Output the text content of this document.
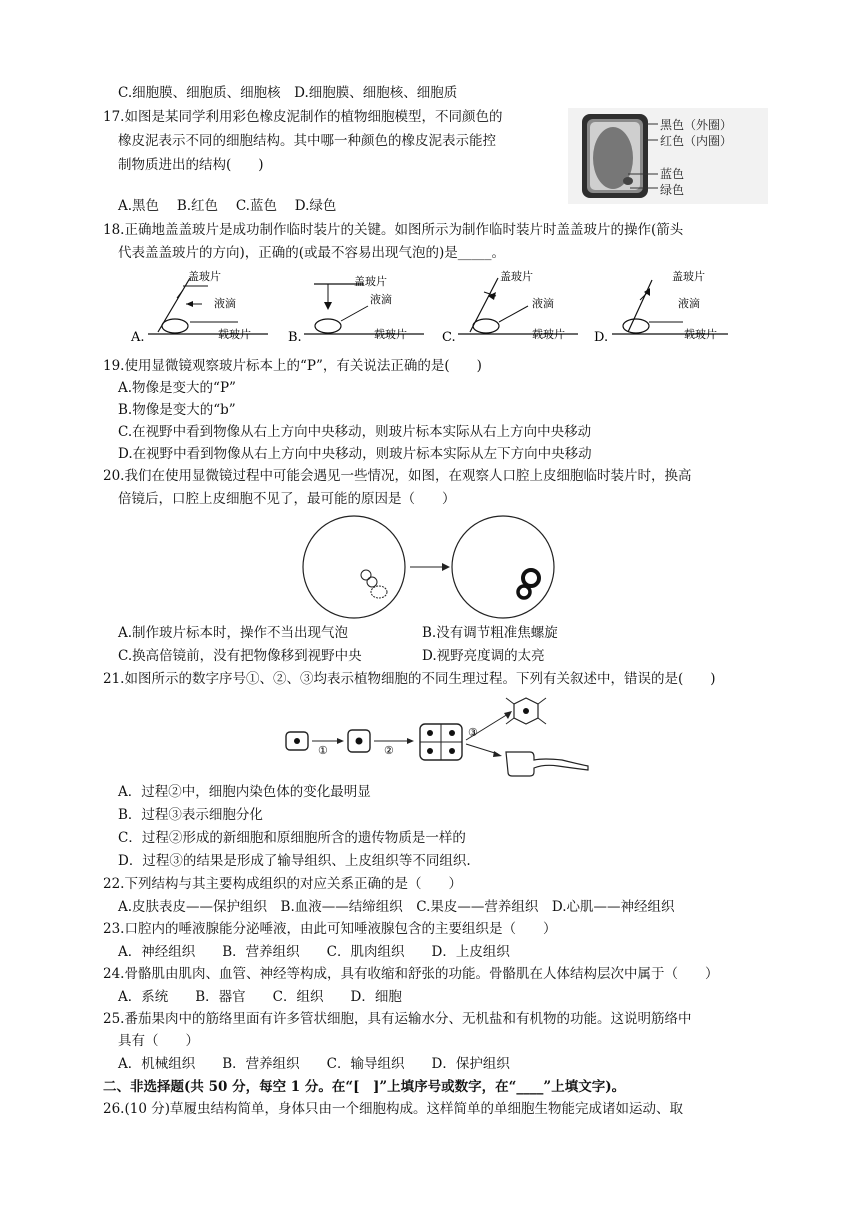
C.细胞膜、细胞质、细胞核　D.细胞膜、细胞核、细胞质
17.如图是某同学利用彩色橡皮泥制作的植物细胞模型，不同颜色的
橡皮泥表示不同的细胞结构。其中哪一种颜色的橡皮泥表示能控
制物质进出的结构(　　)
黑色（外圈）
红色（内圈）
蓝色
绿色
A.黑色　 B.红色　 C.蓝色　 D.绿色
18.正确地盖盖玻片是成功制作临时装片的关键。如图所示为制作临时装片时盖盖玻片的操作(箭头
代表盖盖玻片的方向)，正确的(或最不容易出现气泡的)是_____。
A.
盖玻片
液滴
载玻片	B.
盖玻片
液滴
载玻片	C.
盖玻片
液滴
载玻片 D.
盖玻片
液滴
载玻片
19.使用显微镜观察玻片标本上的“P”，有关说法正确的是(　　)
A.物像是变大的“P”
B.物像是变大的“b”
C.在视野中看到物像从右上方向中央移动，则玻片标本实际从右上方向中央移动
D.在视野中看到物像从右上方向中央移动，则玻片标本实际从左下方向中央移动
20.我们在使用显微镜过程中可能会遇见一些情况，如图，在观察人口腔上皮细胞临时装片时，换高
倍镜后，口腔上皮细胞不见了，最可能的原因是（　　）
A.制作玻片标本时，操作不当出现气泡	B.没有调节粗准焦螺旋
C.换高倍镜前，没有把物像移到视野中央	D.视野亮度调的太亮
21.如图所示的数字序号①、②、③均表示植物细胞的不同生理过程。下列有关叙述中，错误的是(　　)
①	②
③
A．过程②中，细胞内染色体的变化最明显
B．过程③表示细胞分化
C．过程②形成的新细胞和原细胞所含的遗传物质是一样的
D．过程③的结果是形成了输导组织、上皮组织等不同组织.
22.下列结构与其主要构成组织的对应关系正确的是（　　）
A.皮肤表皮——保护组织　B.血液——结缔组织　C.果皮——营养组织　D.心肌——神经组织
23.口腔内的唾液腺能分泌唾液，由此可知唾液腺包含的主要组织是（　　）
A．神经组织　　B．营养组织　　C．肌肉组织　　D．上皮组织
24.骨骼肌由肌肉、血管、神经等构成，具有收缩和舒张的功能。骨骼肌在人体结构层次中属于（　　）
A．系统　　B．器官　　C．组织　　D．细胞
25.番茄果肉中的筋络里面有许多管状细胞，具有运输水分、无机盐和有机物的功能。这说明筋络中
具有（　　）
A．机械组织　　B．营养组织　　C．输导组织　　D．保护组织
二、非选择题(共 50 分，每空 1 分。在“[　]”上填序号或数字，在“____”上填文字)。
26.(10 分)草履虫结构简单，身体只由一个细胞构成。这样简单的单细胞生物能完成诸如运动、取
